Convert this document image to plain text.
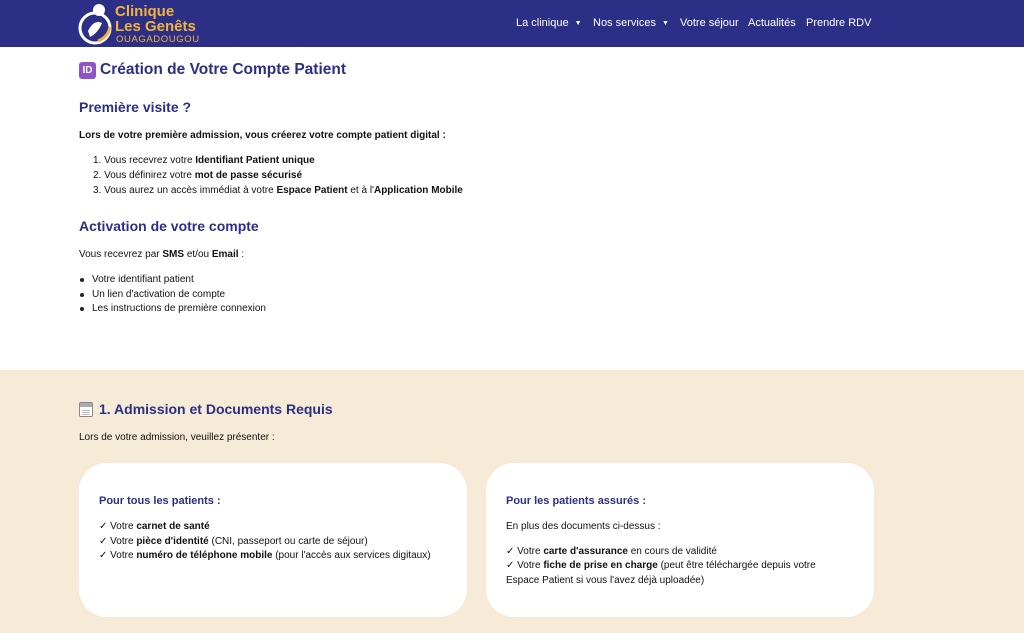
Clinique
Les Genêts
OUAGADOUGOU
La clinique ▼ Nos services ▼ Votre séjour Actualités Prendre RDV
ID Création de Votre Compte Patient
Première visite ?
Lors de votre première admission, vous créerez votre compte patient digital :
1. Vous recevrez votre Identifiant Patient unique
2. Vous définirez votre mot de passe sécurisé
3. Vous aurez un accès immédiat à votre Espace Patient et à l'Application Mobile
Activation de votre compte
Vous recevrez par SMS et/ou Email :
Votre identifiant patient
Un lien d'activation de compte
Les instructions de première connexion
1. Admission et Documents Requis
Lors de votre admission, veuillez présenter :
Pour tous les patients :
✓ Votre carnet de santé
✓ Votre pièce d'identité (CNI, passeport ou carte de séjour)
✓ Votre numéro de téléphone mobile (pour l'accès aux services digitaux)
Pour les patients assurés :
En plus des documents ci-dessus :
✓ Votre carte d'assurance en cours de validité
✓ Votre fiche de prise en charge (peut être téléchargée depuis votre
Espace Patient si vous l'avez déjà uploadée)
